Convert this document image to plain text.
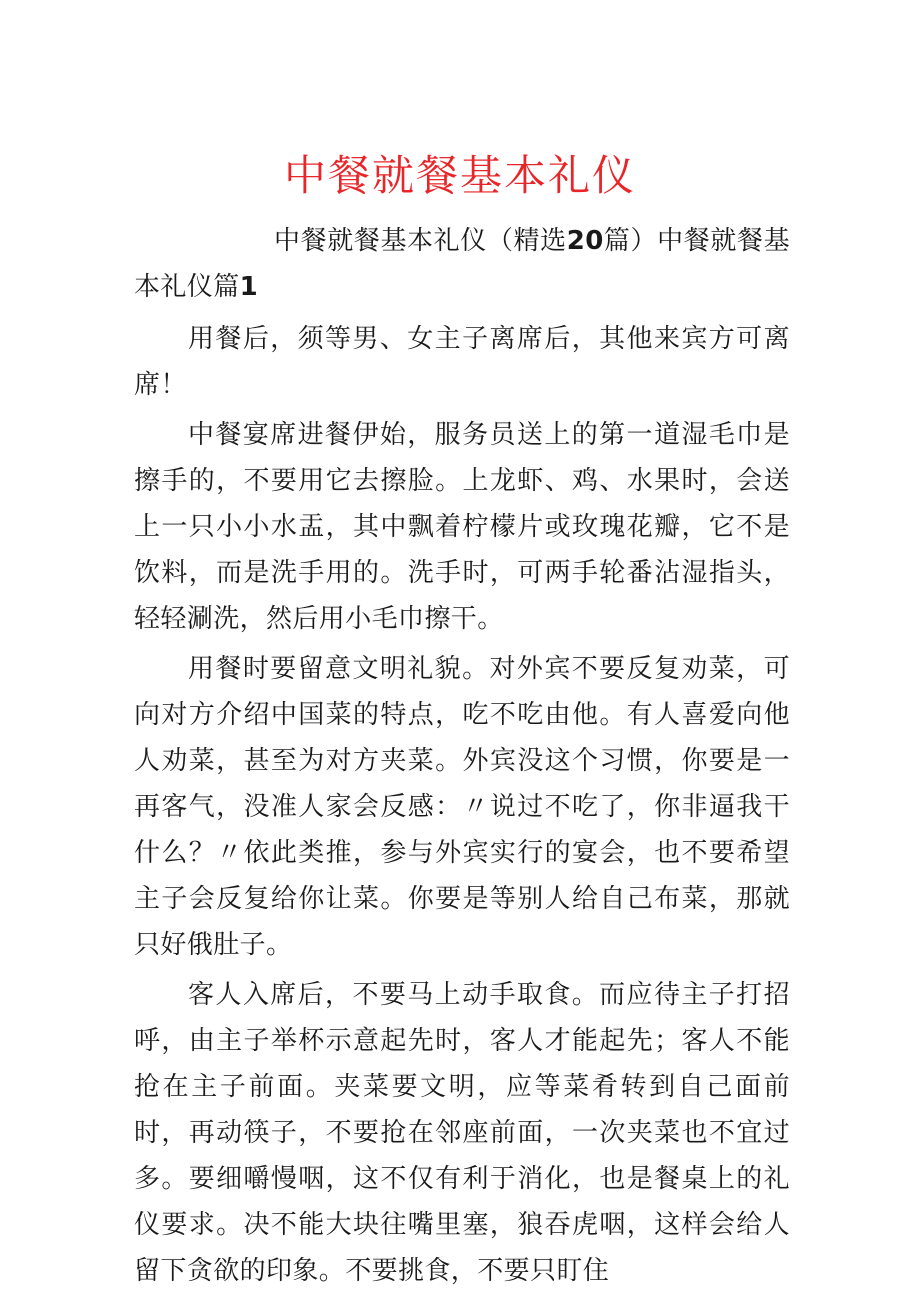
中餐就餐基本礼仪

中餐就餐基本礼仪（精选20篇）中餐就餐基本礼仪篇1

用餐后，须等男、女主子离席后，其他来宾方可离席！

中餐宴席进餐伊始，服务员送上的第一道湿毛巾是擦手的，不要用它去擦脸。上龙虾、鸡、水果时，会送上一只小小水盂，其中飘着柠檬片或玫瑰花瓣，它不是饮料，而是洗手用的。洗手时，可两手轮番沾湿指头，轻轻涮洗，然后用小毛巾擦干。

用餐时要留意文明礼貌。对外宾不要反复劝菜，可向对方介绍中国菜的特点，吃不吃由他。有人喜爱向他人劝菜，甚至为对方夹菜。外宾没这个习惯，你要是一再客气，没准人家会反感：〃说过不吃了，你非逼我干什么？〃依此类推，参与外宾实行的宴会，也不要希望主子会反复给你让菜。你要是等别人给自己布菜，那就只好俄肚子。

客人入席后，不要马上动手取食。而应待主子打招呼，由主子举杯示意起先时，客人才能起先；客人不能抢在主子前面。夹菜要文明，应等菜肴转到自己面前时，再动筷子，不要抢在邻座前面，一次夹菜也不宜过多。要细嚼慢咽，这不仅有利于消化，也是餐桌上的礼仪要求。决不能大块往嘴里塞，狼吞虎咽，这样会给人留下贪欲的印象。不要挑食，不要只盯住
